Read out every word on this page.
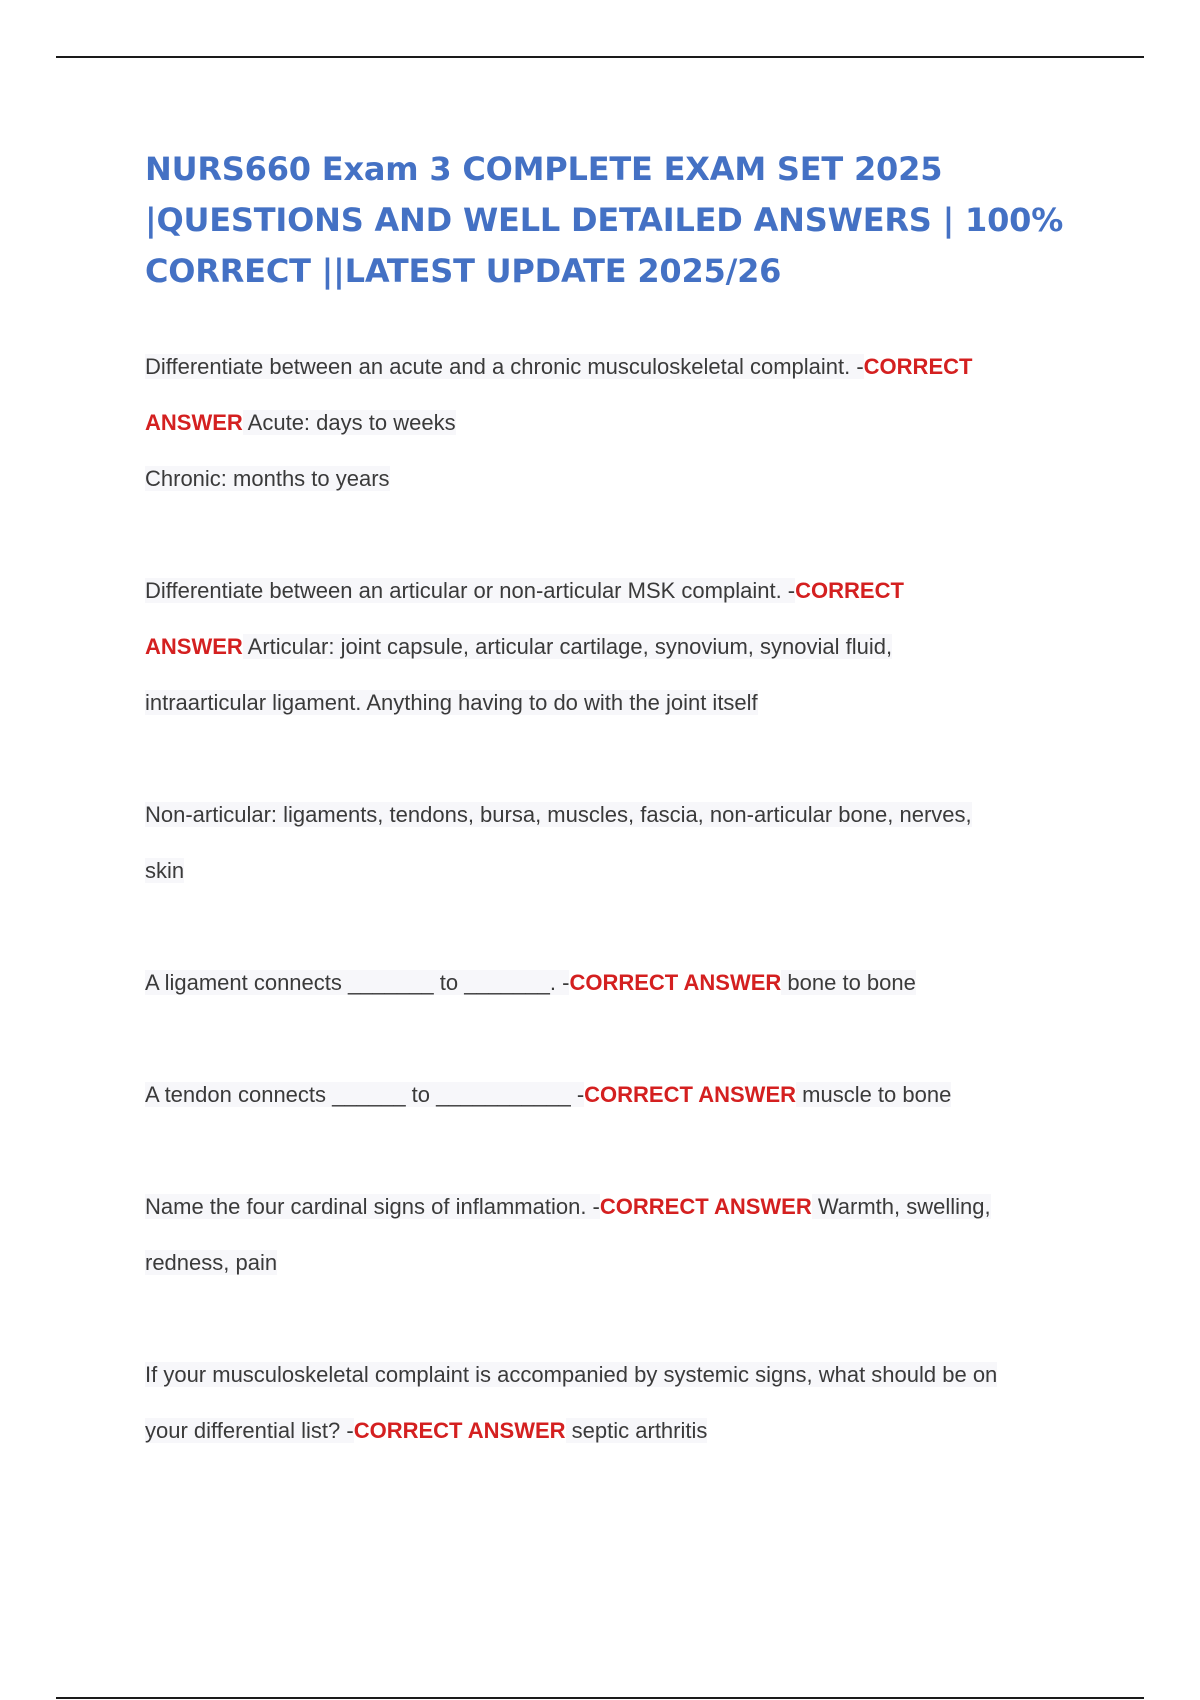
NURS660 Exam 3 COMPLETE EXAM SET 2025 |QUESTIONS AND WELL DETAILED ANSWERS | 100% CORRECT ||LATEST UPDATE 2025/26
Differentiate between an acute and a chronic musculoskeletal complaint. -CORRECT
ANSWER Acute: days to weeks
Chronic: months to years
Differentiate between an articular or non-articular MSK complaint. -CORRECT
ANSWER Articular: joint capsule, articular cartilage, synovium, synovial fluid,
intraarticular ligament. Anything having to do with the joint itself
Non-articular: ligaments, tendons, bursa, muscles, fascia, non-articular bone, nerves,
skin
A ligament connects _______ to _______. -CORRECT ANSWER bone to bone
A tendon connects ______ to ___________ -CORRECT ANSWER muscle to bone
Name the four cardinal signs of inflammation. -CORRECT ANSWER Warmth, swelling,
redness, pain
If your musculoskeletal complaint is accompanied by systemic signs, what should be on
your differential list? -CORRECT ANSWER septic arthritis
